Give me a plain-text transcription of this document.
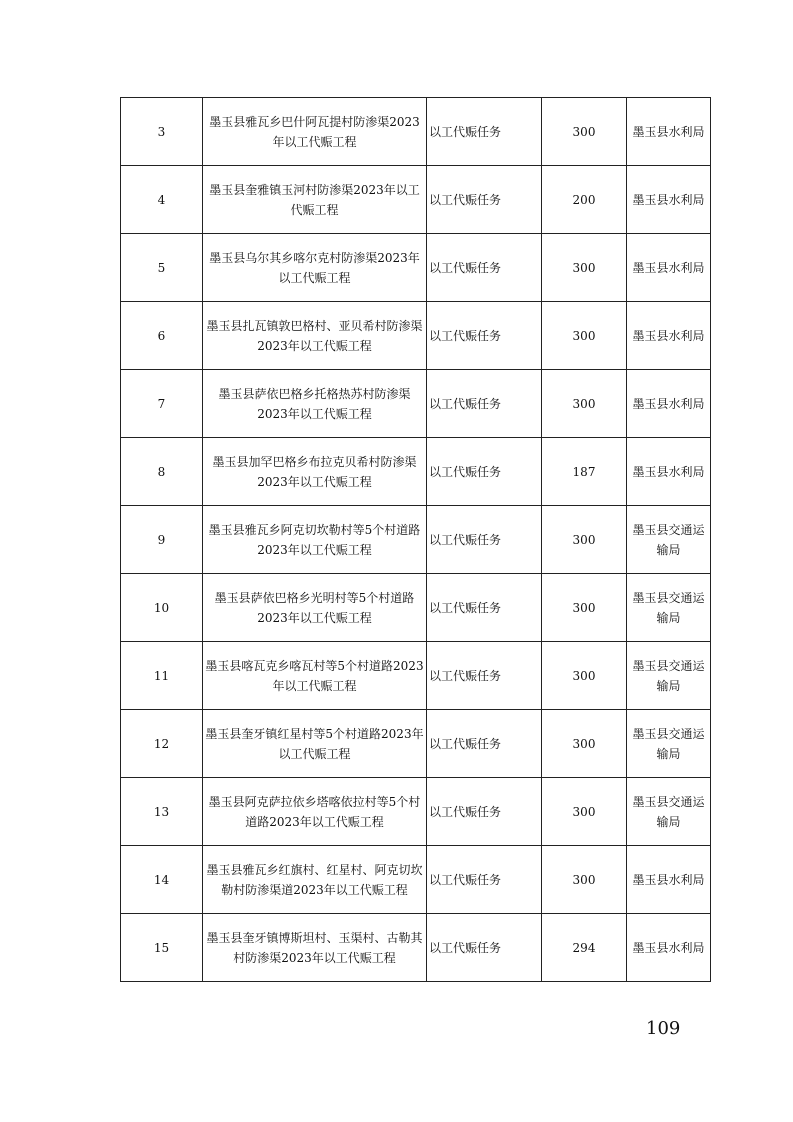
3	墨玉县雅瓦乡巴什阿瓦提村防渗渠2023年以工代赈工程	以工代赈任务	300	墨玉县水利局
4	墨玉县奎雅镇玉河村防渗渠2023年以工代赈工程	以工代赈任务	200	墨玉县水利局
5	墨玉县乌尔其乡喀尔克村防渗渠2023年以工代赈工程	以工代赈任务	300	墨玉县水利局
6	墨玉县扎瓦镇敦巴格村、亚贝希村防渗渠2023年以工代赈工程	以工代赈任务	300	墨玉县水利局
7	墨玉县萨依巴格乡托格热苏村防渗渠2023年以工代赈工程	以工代赈任务	300	墨玉县水利局
8	墨玉县加罕巴格乡布拉克贝希村防渗渠2023年以工代赈工程	以工代赈任务	187	墨玉县水利局
9	墨玉县雅瓦乡阿克切坎勒村等5个村道路2023年以工代赈工程	以工代赈任务	300	墨玉县交通运输局
10	墨玉县萨依巴格乡光明村等5个村道路2023年以工代赈工程	以工代赈任务	300	墨玉县交通运输局
11	墨玉县喀瓦克乡喀瓦村等5个村道路2023年以工代赈工程	以工代赈任务	300	墨玉县交通运输局
12	墨玉县奎牙镇红星村等5个村道路2023年以工代赈工程	以工代赈任务	300	墨玉县交通运输局
13	墨玉县阿克萨拉依乡塔喀依拉村等5个村道路2023年以工代赈工程	以工代赈任务	300	墨玉县交通运输局
14	墨玉县雅瓦乡红旗村、红星村、阿克切坎勒村防渗渠道2023年以工代赈工程	以工代赈任务	300	墨玉县水利局
15	墨玉县奎牙镇博斯坦村、玉渠村、古勒其村防渗渠2023年以工代赈工程	以工代赈任务	294	墨玉县水利局
109
